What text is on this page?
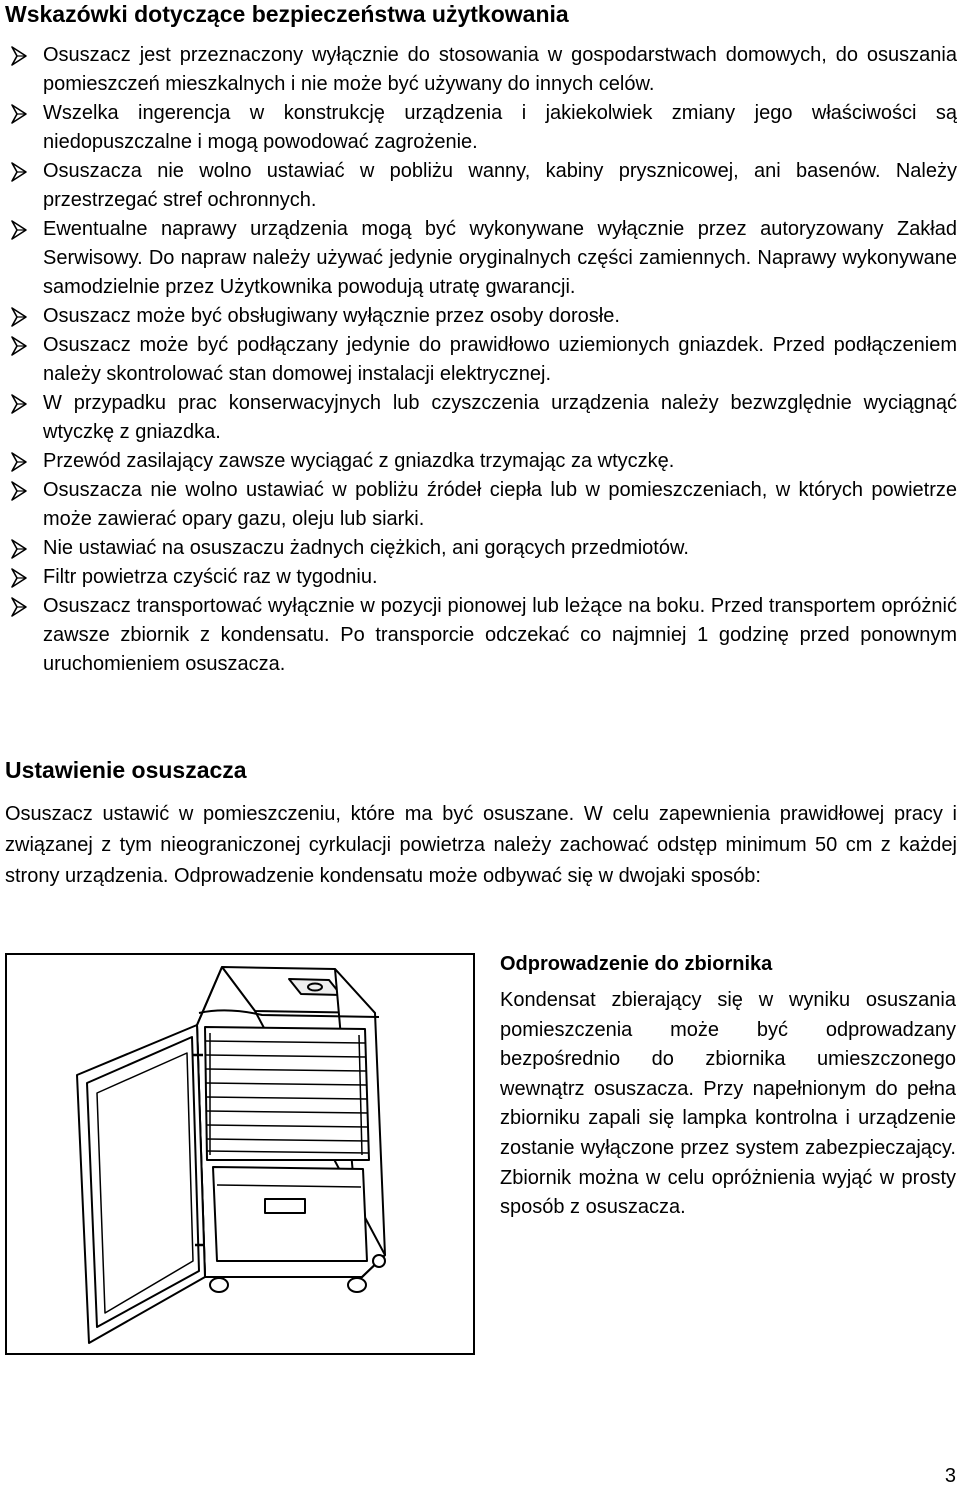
Wskazówki dotyczące bezpieczeństwa użytkowania
Osuszacz jest przeznaczony wyłącznie do stosowania w gospodarstwach domowych, do osuszania pomieszczeń mieszkalnych i nie może być używany do innych celów.
Wszelka ingerencja w konstrukcję urządzenia i jakiekolwiek zmiany jego właściwości są niedopuszczalne i mogą powodować zagrożenie.
Osuszacza nie wolno ustawiać w pobliżu wanny, kabiny prysznicowej, ani basenów. Należy przestrzegać stref ochronnych.
Ewentualne naprawy urządzenia mogą być wykonywane wyłącznie przez autoryzowany Zakład Serwisowy. Do napraw należy używać jedynie oryginalnych części zamiennych. Naprawy wykonywane samodzielnie przez Użytkownika powodują utratę gwarancji.
Osuszacz może być obsługiwany wyłącznie przez osoby dorosłe.
Osuszacz może być podłączany jedynie do prawidłowo uziemionych gniazdek. Przed podłączeniem należy skontrolować stan domowej instalacji elektrycznej.
W przypadku prac konserwacyjnych lub czyszczenia urządzenia należy bezwzględnie wyciągnąć wtyczkę z gniazdka.
Przewód zasilający zawsze wyciągać z gniazdka trzymając za wtyczkę.
Osuszacza nie wolno ustawiać w pobliżu źródeł ciepła lub w pomieszczeniach, w których powietrze może zawierać opary gazu, oleju lub siarki.
Nie ustawiać na osuszaczu żadnych ciężkich, ani gorących przedmiotów.
Filtr powietrza czyścić raz w tygodniu.
Osuszacz transportować wyłącznie w pozycji pionowej lub leżące na boku. Przed transportem opróżnić zawsze zbiornik z kondensatu. Po transporcie odczekać co najmniej 1 godzinę przed ponownym uruchomieniem osuszacza.
Ustawienie osuszacza

Osuszacz ustawić w pomieszczeniu, które ma być osuszane. W celu zapewnienia prawidłowej pracy i związanej z tym nieograniczonej cyrkulacji powietrza należy zachować odstęp minimum 50 cm z każdej strony urządzenia. Odprowadzenie kondensatu może odbywać się w dwojaki sposób:

Odprowadzenie do zbiornika

Kondensat zbierający się w wyniku osuszania pomieszczenia może być odprowadzany bezpośrednio do zbiornika umieszczonego wewnątrz osuszacza. Przy napełnionym do pełna zbiorniku zapali się lampka kontrolna i urządzenie zostanie wyłączone przez system zabezpieczający. Zbiornik można w celu opróżnienia wyjąć w prosty sposób z osuszacza.

3
